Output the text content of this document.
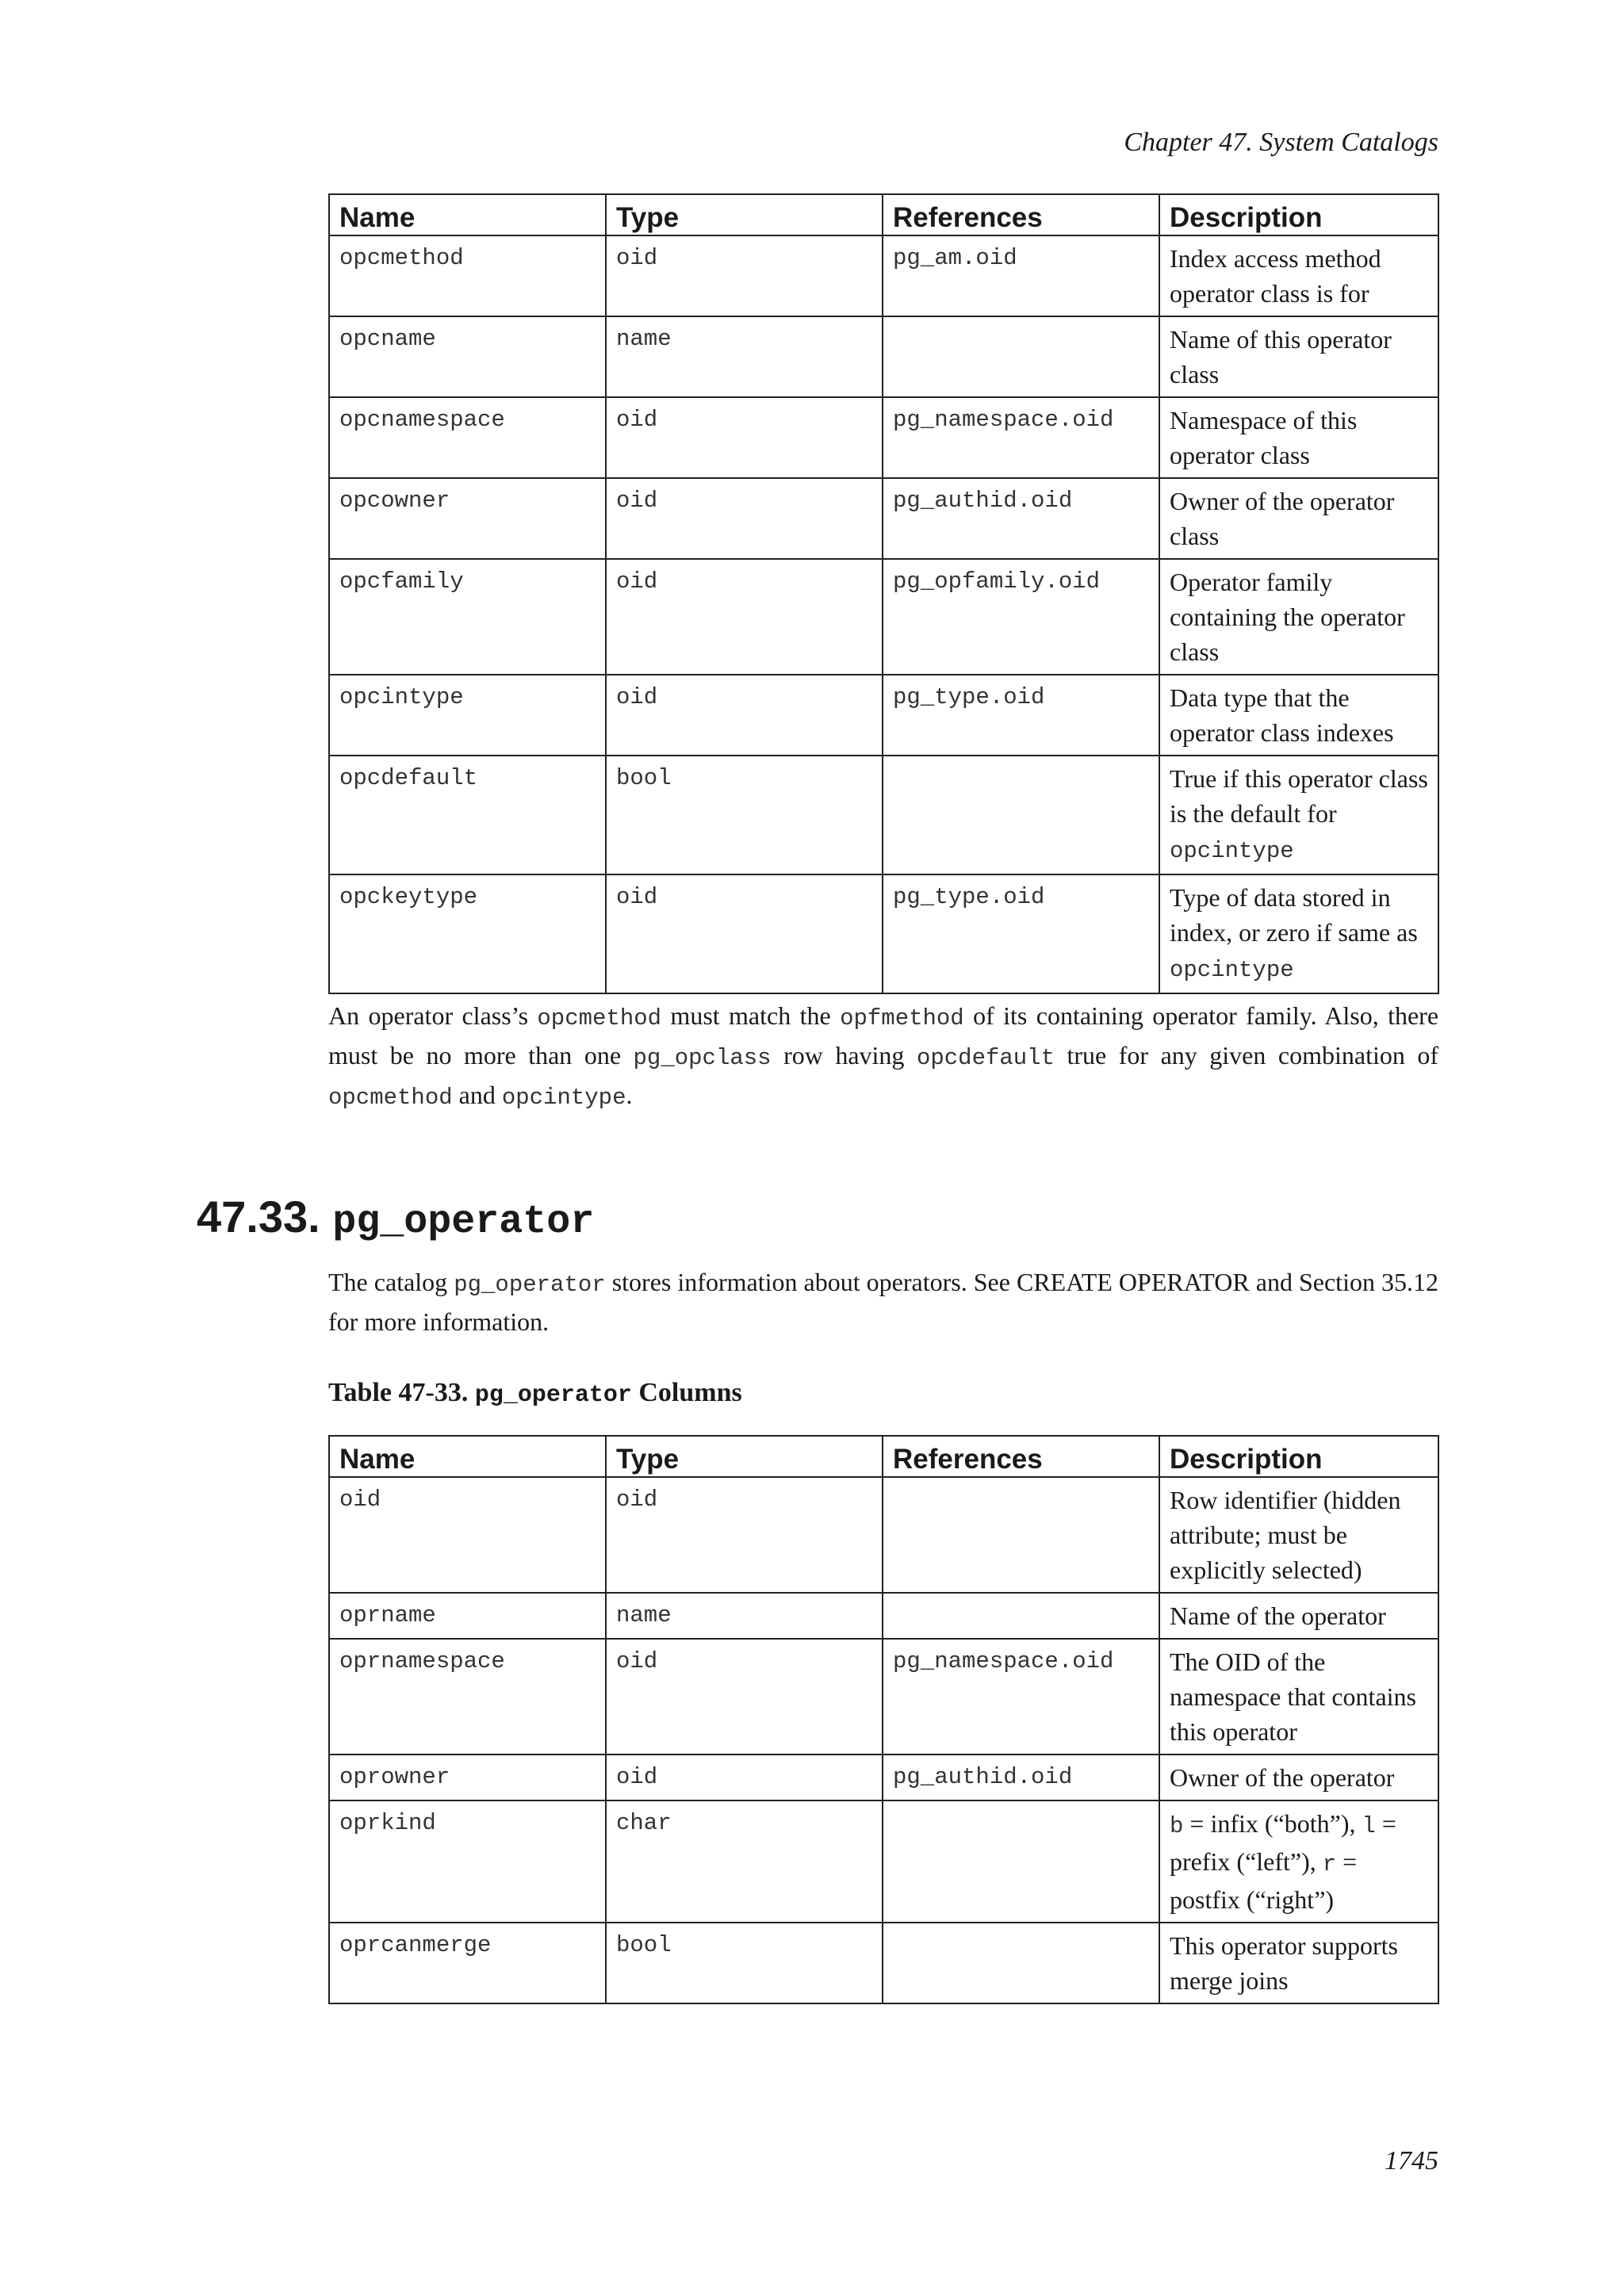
Chapter 47. System Catalogs
Name	Type	References	Description
opcmethod	oid	pg_am.oid	Index access method operator class is for
opcname	name		Name of this operator class
opcnamespace	oid	pg_namespace.oid	Namespace of this operator class
opcowner	oid	pg_authid.oid	Owner of the operator class
opcfamily	oid	pg_opfamily.oid	Operator family containing the operator class
opcintype	oid	pg_type.oid	Data type that the operator class indexes
opcdefault	bool		True if this operator class is the default for opcintype
opckeytype	oid	pg_type.oid	Type of data stored in index, or zero if same as opcintype

An operator class’s opcmethod must match the opfmethod of its containing operator family. Also, there must be no more than one pg_opclass row having opcdefault true for any given combination of opcmethod and opcintype.

47.33. pg_operator

The catalog pg_operator stores information about operators. See CREATE OPERATOR and Section 35.12 for more information.

Table 47-33. pg_operator Columns
Name	Type	References	Description
oid	oid		Row identifier (hidden attribute; must be explicitly selected)
oprname	name		Name of the operator
oprnamespace	oid	pg_namespace.oid	The OID of the namespace that contains this operator
oprowner	oid	pg_authid.oid	Owner of the operator
oprkind	char		b = infix (“both”), l = prefix (“left”), r = postfix (“right”)
oprcanmerge	bool		This operator supports merge joins
1745
